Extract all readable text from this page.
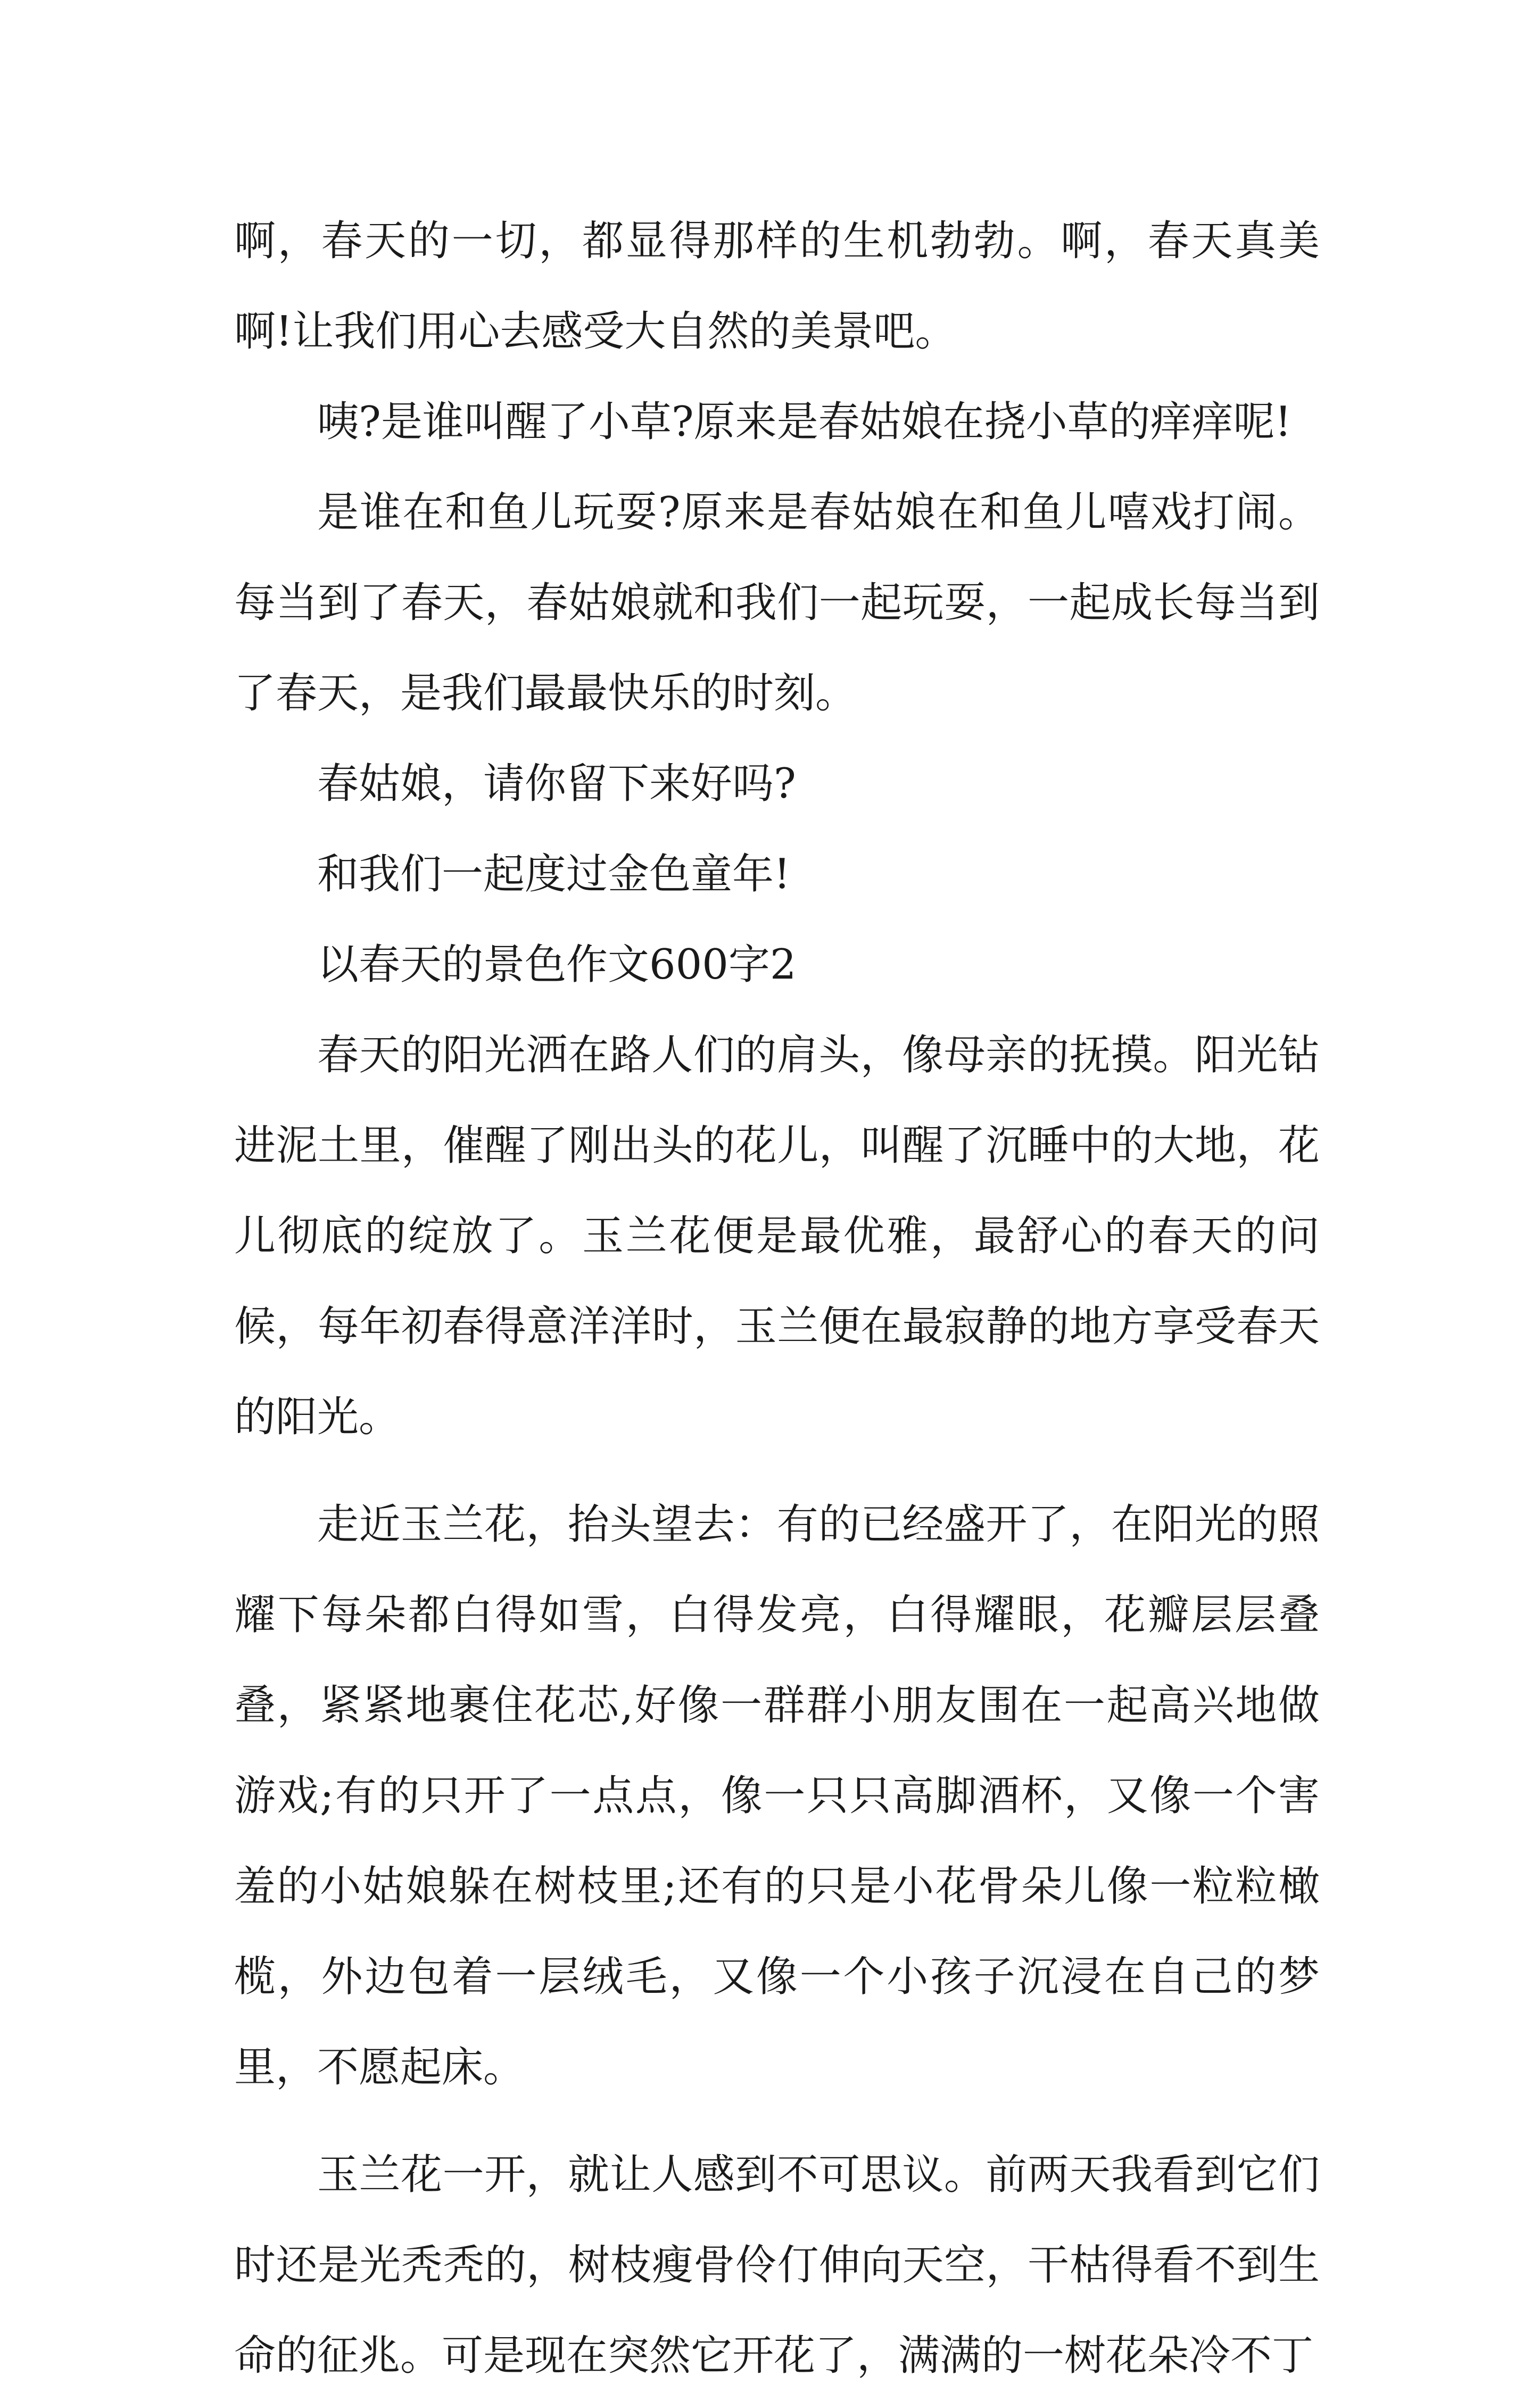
啊，春天的一切，都显得那样的生机勃勃。啊，春天真美啊!让我们用心去感受大自然的美景吧。

咦?是谁叫醒了小草?原来是春姑娘在挠小草的痒痒呢!

是谁在和鱼儿玩耍?原来是春姑娘在和鱼儿嘻戏打闹。每当到了春天，春姑娘就和我们一起玩耍，一起成长每当到了春天，是我们最最快乐的时刻。

春姑娘，请你留下来好吗?

和我们一起度过金色童年!

以春天的景色作文600字2

春天的阳光洒在路人们的肩头，像母亲的抚摸。阳光钻进泥土里，催醒了刚出头的花儿，叫醒了沉睡中的大地，花儿彻底的绽放了。玉兰花便是最优雅，最舒心的春天的问候，每年初春得意洋洋时，玉兰便在最寂静的地方享受春天的阳光。

走近玉兰花，抬头望去：有的已经盛开了，在阳光的照耀下每朵都白得如雪，白得发亮，白得耀眼，花瓣层层叠叠，紧紧地裹住花芯,好像一群群小朋友围在一起高兴地做游戏;有的只开了一点点，像一只只高脚酒杯，又像一个害羞的小姑娘躲在树枝里;还有的只是小花骨朵儿像一粒粒橄榄，外边包着一层绒毛，又像一个小孩子沉浸在自己的梦里，不愿起床。

玉兰花一开，就让人感到不可思议。前两天我看到它们时还是光秃秃的，树枝瘦骨伶仃伸向天空，干枯得看不到生命的征兆。可是现在突然它开花了，满满的一树花朵冷不丁
